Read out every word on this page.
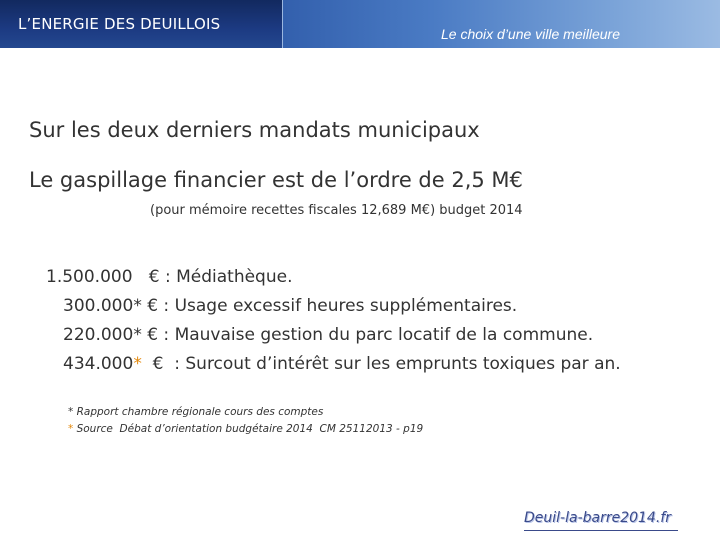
L’ENERGIE DES DEUILLOIS
Le choix d’une ville meilleure
Sur les deux derniers mandats municipaux
Le gaspillage financier est de l’ordre de 2,5 M€
(pour mémoire recettes fiscales 12,689 M€) budget 2014
1.500.000   € : Médiathèque.
300.000* € : Usage excessif heures supplémentaires.
220.000* € : Mauvaise gestion du parc locatif de la commune.
434.000*  €  : Surcout d’intérêt sur les emprunts toxiques par an.
* Rapport chambre régionale cours des comptes
* Source  Débat d’orientation budgétaire 2014  CM 25112013 - p19
Deuil-la-barre2014.fr
